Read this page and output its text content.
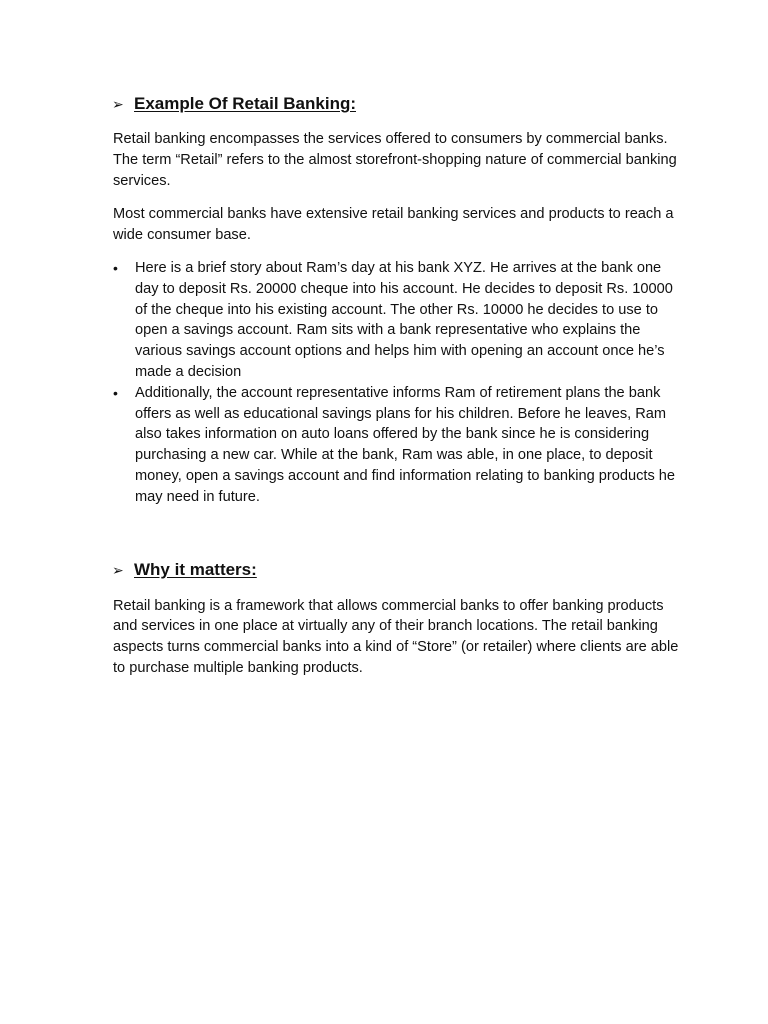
➢ Example Of Retail Banking:

Retail banking encompasses the services offered to consumers by commercial banks. The term “Retail” refers to the almost storefront-shopping nature of commercial banking services.

Most commercial banks have extensive retail banking services and products to reach a wide consumer base.

•	Here is a brief story about Ram’s day at his bank XYZ. He arrives at the bank one day to deposit Rs. 20000 cheque into his account. He decides to deposit Rs. 10000 of the cheque into his existing account. The other Rs. 10000 he decides to use to open a savings account. Ram sits with a bank representative who explains the various savings account options and helps him with opening an account once he’s made a decision
•	Additionally, the account representative informs Ram of retirement plans the bank offers as well as educational savings plans for his children. Before he leaves, Ram also takes information on auto loans offered by the bank since he is considering purchasing a new car. While at the bank, Ram was able, in one place, to deposit money, open a savings account and find information relating to banking products he may need in future.
➢ Why it matters:

Retail banking is a framework that allows commercial banks to offer banking products and services in one place at virtually any of their branch locations. The retail banking aspects turns commercial banks into a kind of “Store” (or retailer) where clients are able to purchase multiple banking products.
